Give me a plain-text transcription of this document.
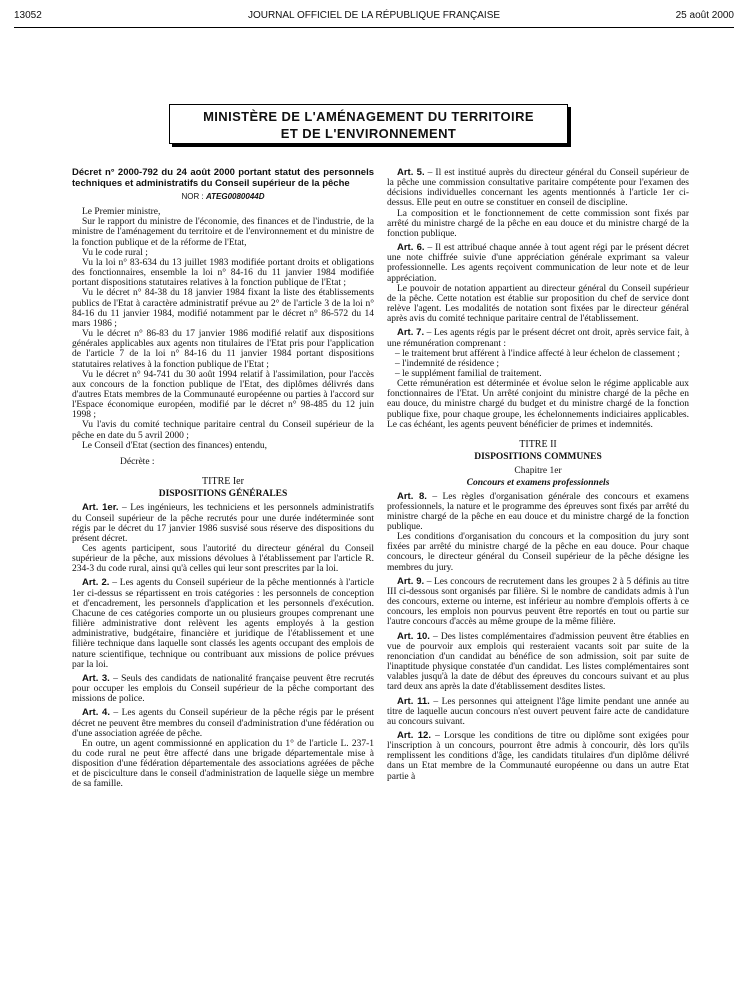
13052	JOURNAL OFFICIEL DE LA RÉPUBLIQUE FRANÇAISE	25 août 2000
MINISTÈRE DE L'AMÉNAGEMENT DU TERRITOIRE
ET DE L'ENVIRONNEMENT

Décret n° 2000-792 du 24 août 2000 portant statut des personnels techniques et administratifs du Conseil supérieur de la pêche

NOR : ATEG0080044D

Le Premier ministre,

Sur le rapport du ministre de l'économie, des finances et de l'industrie, de la ministre de l'aménagement du territoire et de l'environnement et du ministre de la fonction publique et de la réforme de l'Etat,

Vu le code rural ;

Vu la loi n° 83-634 du 13 juillet 1983 modifiée portant droits et obligations des fonctionnaires, ensemble la loi n° 84-16 du 11 janvier 1984 modifiée portant dispositions statutaires relatives à la fonction publique de l'Etat ;

Vu le décret n° 84-38 du 18 janvier 1984 fixant la liste des établissements publics de l'Etat à caractère administratif prévue au 2° de l'article 3 de la loi n° 84-16 du 11 janvier 1984, modifié notamment par le décret n° 86-572 du 14 mars 1986 ;

Vu le décret n° 86-83 du 17 janvier 1986 modifié relatif aux dispositions générales applicables aux agents non titulaires de l'Etat pris pour l'application de l'article 7 de la loi n° 84-16 du 11 janvier 1984 portant dispositions statutaires relatives à la fonction publique de l'Etat ;

Vu le décret n° 94-741 du 30 août 1994 relatif à l'assimilation, pour l'accès aux concours de la fonction publique de l'Etat, des diplômes délivrés dans d'autres Etats membres de la Communauté européenne ou parties à l'accord sur l'Espace économique européen, modifié par le décret n° 98-485 du 12 juin 1998 ;

Vu l'avis du comité technique paritaire central du Conseil supérieur de la pêche en date du 5 avril 2000 ;

Le Conseil d'Etat (section des finances) entendu,

Décrète :

TITRE Ier

DISPOSITIONS GÉNÉRALES

Art. 1er. – Les ingénieurs, les techniciens et les personnels administratifs du Conseil supérieur de la pêche recrutés pour une durée indéterminée sont régis par le décret du 17 janvier 1986 susvisé sous réserve des dispositions du présent décret.

Ces agents participent, sous l'autorité du directeur général du Conseil supérieur de la pêche, aux missions dévolues à l'établissement par l'article R. 234-3 du code rural, ainsi qu'à celles qui leur sont prescrites par la loi.

Art. 2. – Les agents du Conseil supérieur de la pêche mentionnés à l'article 1er ci-dessus se répartissent en trois catégories : les personnels de conception et d'encadrement, les personnels d'application et les personnels d'exécution. Chacune de ces catégories comporte un ou plusieurs groupes comprenant une filière administrative dont relèvent les agents employés à la gestion administrative, budgétaire, financière et juridique de l'établissement et une filière technique dans laquelle sont classés les agents occupant des emplois de nature scientifique, technique ou contribuant aux missions de police prévues par la loi.

Art. 3. – Seuls des candidats de nationalité française peuvent être recrutés pour occuper les emplois du Conseil supérieur de la pêche comportant des missions de police.

Art. 4. – Les agents du Conseil supérieur de la pêche régis par le présent décret ne peuvent être membres du conseil d'administration d'une fédération ou d'une association agréée de pêche.

En outre, un agent commissionné en application du 1° de l'article L. 237-1 du code rural ne peut être affecté dans une brigade départementale mise à disposition d'une fédération départementale des associations agréées de pêche et de pisciculture dans le conseil d'administration de laquelle siège un membre de sa famille.

Art. 5. – Il est institué auprès du directeur général du Conseil supérieur de la pêche une commission consultative paritaire compétente pour l'examen des décisions individuelles concernant les agents mentionnés à l'article 1er ci-dessus. Elle peut en outre se constituer en conseil de discipline.

La composition et le fonctionnement de cette commission sont fixés par arrêté du ministre chargé de la pêche en eau douce et du ministre chargé de la fonction publique.

Art. 6. – Il est attribué chaque année à tout agent régi par le présent décret une note chiffrée suivie d'une appréciation générale exprimant sa valeur professionnelle. Les agents reçoivent communication de leur note et de leur appréciation.

Le pouvoir de notation appartient au directeur général du Conseil supérieur de la pêche. Cette notation est établie sur proposition du chef de service dont relève l'agent. Les modalités de notation sont fixées par le directeur général après avis du comité technique paritaire central de l'établissement.

Art. 7. – Les agents régis par le présent décret ont droit, après service fait, à une rémunération comprenant :

– le traitement brut afférent à l'indice affecté à leur échelon de classement ;
– l'indemnité de résidence ;
– le supplément familial de traitement.

Cette rémunération est déterminée et évolue selon le régime applicable aux fonctionnaires de l'Etat. Un arrêté conjoint du ministre chargé de la pêche en eau douce, du ministre chargé du budget et du ministre chargé de la fonction publique fixe, pour chaque groupe, les échelonnements indiciaires applicables. Le cas échéant, les agents peuvent bénéficier de primes et indemnités.

TITRE II

DISPOSITIONS COMMUNES

Chapitre 1er

Concours et examens professionnels

Art. 8. – Les règles d'organisation générale des concours et examens professionnels, la nature et le programme des épreuves sont fixés par arrêté du ministre chargé de la pêche en eau douce et du ministre chargé de la fonction publique.

Les conditions d'organisation du concours et la composition du jury sont fixées par arrêté du ministre chargé de la pêche en eau douce. Pour chaque concours, le directeur général du Conseil supérieur de la pêche désigne les membres du jury.

Art. 9. – Les concours de recrutement dans les groupes 2 à 5 définis au titre III ci-dessous sont organisés par filière. Si le nombre de candidats admis à l'un des concours, externe ou interne, est inférieur au nombre d'emplois offerts à ce concours, les emplois non pourvus peuvent être reportés en tout ou partie sur l'autre concours d'accès au même groupe de la même filière.

Art. 10. – Des listes complémentaires d'admission peuvent être établies en vue de pourvoir aux emplois qui resteraient vacants soit par suite de la renonciation d'un candidat au bénéfice de son admission, soit par suite de l'inaptitude physique constatée d'un candidat. Les listes complémentaires sont valables jusqu'à la date de début des épreuves du concours suivant et au plus tard deux ans après la date d'établissement desdites listes.

Art. 11. – Les personnes qui atteignent l'âge limite pendant une année au titre de laquelle aucun concours n'est ouvert peuvent faire acte de candidature au concours suivant.

Art. 12. – Lorsque les conditions de titre ou diplôme sont exigées pour l'inscription à un concours, pourront être admis à concourir, dès lors qu'ils remplissent les conditions d'âge, les candidats titulaires d'un diplôme délivré dans un Etat membre de la Communauté européenne ou dans un autre Etat partie à
